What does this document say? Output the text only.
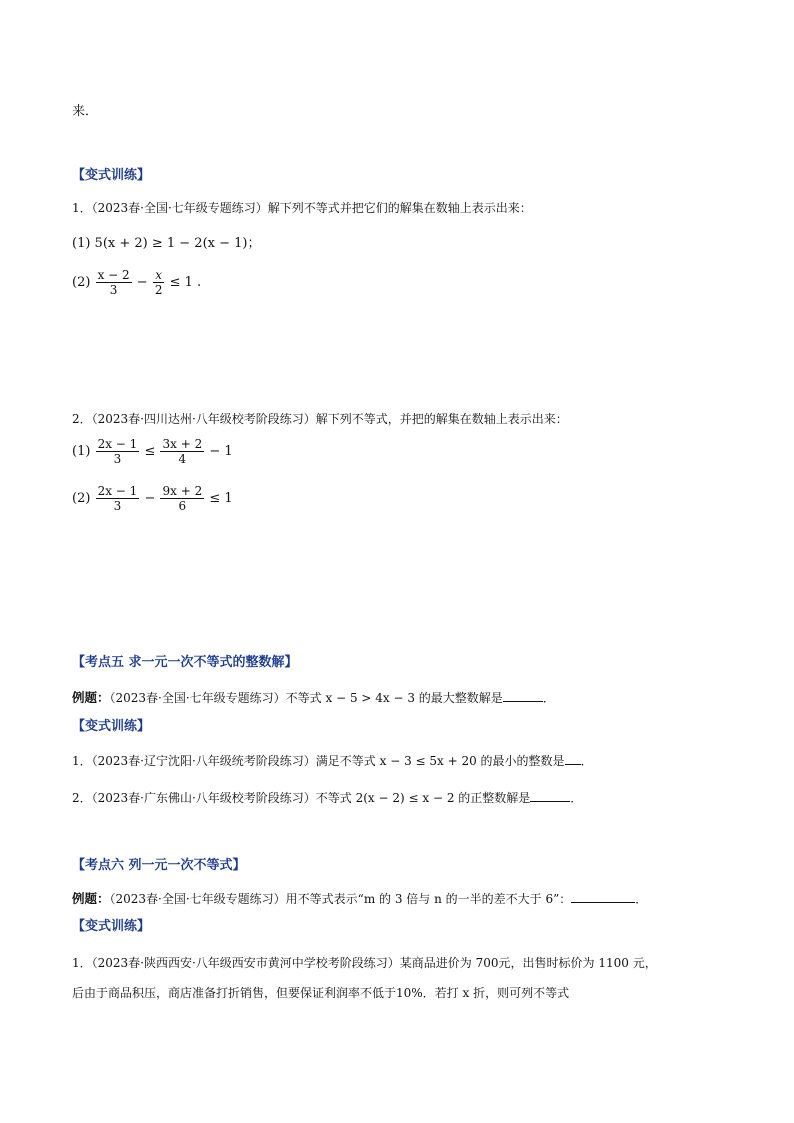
来．
【变式训练】
1．（2023春·全国·七年级专题练习）解下列不等式并把它们的解集在数轴上表示出来：
(1) 5(x + 2) ≥ 1 − 2(x − 1)；
$(2) \frac{x - 2}{3} - \frac{x}{2} \le 1$ .
2．（2023春·四川达州·八年级校考阶段练习）解下列不等式，并把的解集在数轴上表示出来：
$(1) \frac{2x - 1}{3} \le \frac{3x + 2}{4} - 1$
$(2) \frac{2x - 1}{3} - \frac{9x + 2}{6} \le 1$
【考点五 求一元一次不等式的整数解】
例题：（2023春·全国·七年级专题练习）不等式 x − 5 > 4x − 3 的最大整数解是	．
【变式训练】
1．（2023春·辽宁沈阳·八年级统考阶段练习）满足不等式 x − 3 ≤ 5x + 20 的最小的整数是 ．
2．（2023春·广东佛山·八年级校考阶段练习）不等式 2(x − 2) ≤ x − 2 的正整数解是	．
【考点六 列一元一次不等式】
例题：（2023春·全国·七年级专题练习）用不等式表示“m 的 3 倍与 n 的一半的差不大于 6”：	．
【变式训练】
1．（2023春·陕西西安·八年级西安市黄河中学校考阶段练习）某商品进价为 700元，出售时标价为 1100 元，
后由于商品积压，商店准备打折销售，但要保证利润率不低于10%．若打 x 折，则可列不等式
